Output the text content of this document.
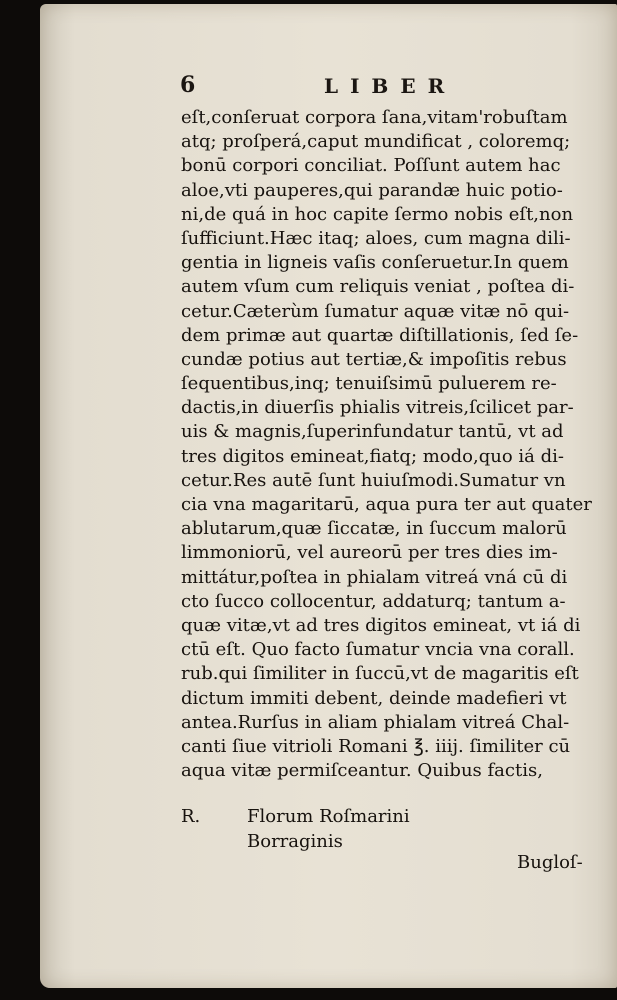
6	LIBER
eſt,conſeruat corpora ſana,vitam'robuſtam
atq; proſperá,caput mundificat , coloremq;
bonū corpori conciliat. Poſſunt autem hac
aloe,vti pauperes,qui parandæ huic potio-
ni,de quá in hoc capite ſermo nobis eſt,non
ſufficiunt.Hæc itaq; aloes, cum magna dili-
gentia in ligneis vaſis conſeruetur.In quem
autem vſum cum reliquis veniat , poſtea di-
cetur.Cæterùm ſumatur aquæ vitæ nō qui-
dem primæ aut quartæ diſtillationis, ſed ſe-
cundæ potius aut tertiæ,& impoſitis rebus
ſequentibus,inq; tenuiſsimū puluerem re-
dactis,in diuerſis phialis vitreis,ſcilicet par-
uis & magnis,ſuperinfundatur tantū, vt ad
tres digitos emineat,fiatq; modo,quo iá di-
cetur.Res autē ſunt huiuſmodi.Sumatur vn
cia vna magaritarū, aqua pura ter aut quater
ablutarum,quæ ſiccatæ, in ſuccum malorū
limmoniorū, vel aureorū per tres dies im-
mittátur,poſtea in phialam vitreá vná cū di
cto ſucco collocentur, addaturq; tantum a-
quæ vitæ,vt ad tres digitos emineat, vt iá di
ctū eſt. Quo facto ſumatur vncia vna corall.
rub.qui ſimiliter in ſuccū,vt de magaritis eſt
dictum immiti debent, deinde madefieri vt
antea.Rurſus in aliam phialam vitreá Chal-
canti ſiue vitrioli Romani ℥. iiij. ſimiliter cū
aqua vitæ permiſceantur. Quibus factis,
R.	Florum Roſmarini
Borraginis
Bugloſ-
